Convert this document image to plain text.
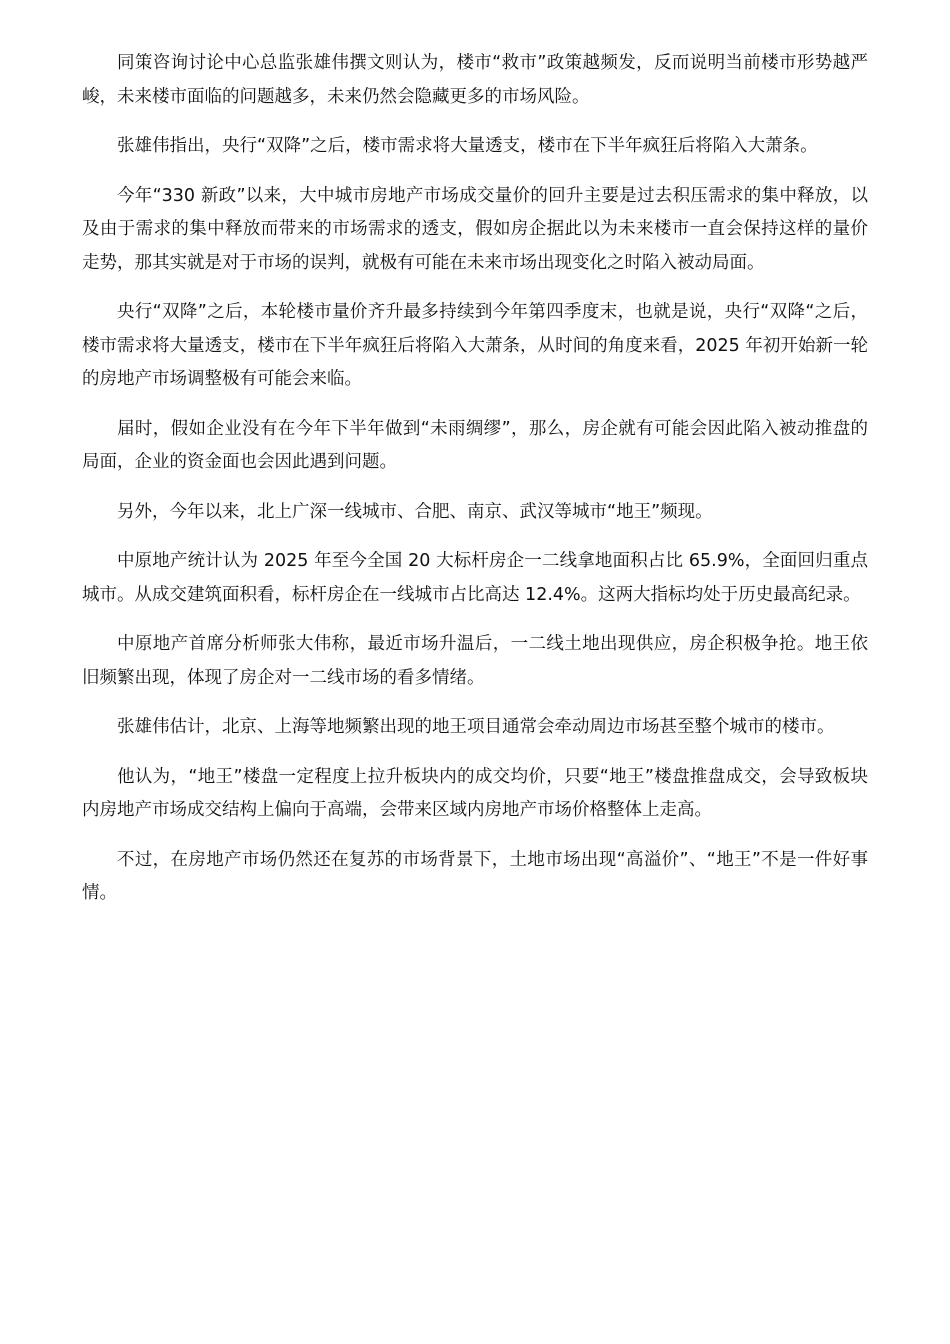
同策咨询讨论中心总监张雄伟撰文则认为，楼市“救市”政策越频发，反而说明当前楼市形势越严峻，未来楼市面临的问题越多，未来仍然会隐藏更多的市场风险。

张雄伟指出，央行“双降”之后，楼市需求将大量透支，楼市在下半年疯狂后将陷入大萧条。

今年“330 新政”以来，大中城市房地产市场成交量价的回升主要是过去积压需求的集中释放，以及由于需求的集中释放而带来的市场需求的透支，假如房企据此以为未来楼市一直会保持这样的量价走势，那其实就是对于市场的误判，就极有可能在未来市场出现变化之时陷入被动局面。

央行“双降”之后，本轮楼市量价齐升最多持续到今年第四季度末，也就是说，央行“双降“之后，楼市需求将大量透支，楼市在下半年疯狂后将陷入大萧条，从时间的角度来看，2025 年初开始新一轮的房地产市场调整极有可能会来临。

届时，假如企业没有在今年下半年做到“未雨绸缪”，那么，房企就有可能会因此陷入被动推盘的局面，企业的资金面也会因此遇到问题。

另外，今年以来，北上广深一线城市、合肥、南京、武汉等城市“地王”频现。

中原地产统计认为 2025 年至今全国 20 大标杆房企一二线拿地面积占比 65.9%，全面回归重点城市。从成交建筑面积看，标杆房企在一线城市占比高达 12.4%。这两大指标均处于历史最高纪录。

中原地产首席分析师张大伟称，最近市场升温后，一二线土地出现供应，房企积极争抢。地王依旧频繁出现，体现了房企对一二线市场的看多情绪。

张雄伟估计，北京、上海等地频繁出现的地王项目通常会牵动周边市场甚至整个城市的楼市。

他认为，“地王”楼盘一定程度上拉升板块内的成交均价，只要“地王”楼盘推盘成交，会导致板块内房地产市场成交结构上偏向于高端，会带来区域内房地产市场价格整体上走高。

不过，在房地产市场仍然还在复苏的市场背景下，土地市场出现“高溢价”、“地王”不是一件好事情。
